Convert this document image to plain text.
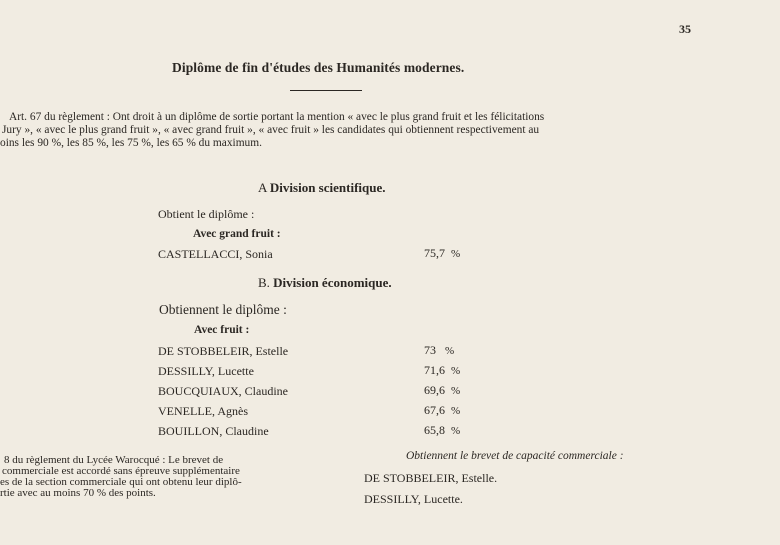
35
Diplôme de fin d'études des Humanités modernes.
Art. 67 du règlement : Ont droit à un diplôme de sortie portant la mention « avec le plus grand fruit et les félicitations
Jury », « avec le plus grand fruit », « avec grand fruit », « avec fruit » les candidates qui obtiennent respectivement au
oins les 90 %, les 85 %, les 75 %, les 65 % du maximum.
A Division scientifique.
Obtient le diplôme :
Avec grand fruit :
CASTELLACCI, Sonia	75,7 %
B. Division économique.
Obtiennent le diplôme :
Avec fruit :
DE STOBBELEIR, Estelle	73 %
DESSILLY, Lucette	71,6 %
BOUCQUIAUX, Claudine	69,6 %
VENELLE, Agnès	67,6 %
BOUILLON, Claudine	65,8 %
8 du règlement du Lycée Warocqué : Le brevet de
commerciale est accordé sans épreuve supplémentaire
es de la section commerciale qui ont obtenu leur diplô-
rtie avec au moins 70 % des points.
Obtiennent le brevet de capacité commerciale :
DE STOBBELEIR, Estelle.
DESSILLY, Lucette.
